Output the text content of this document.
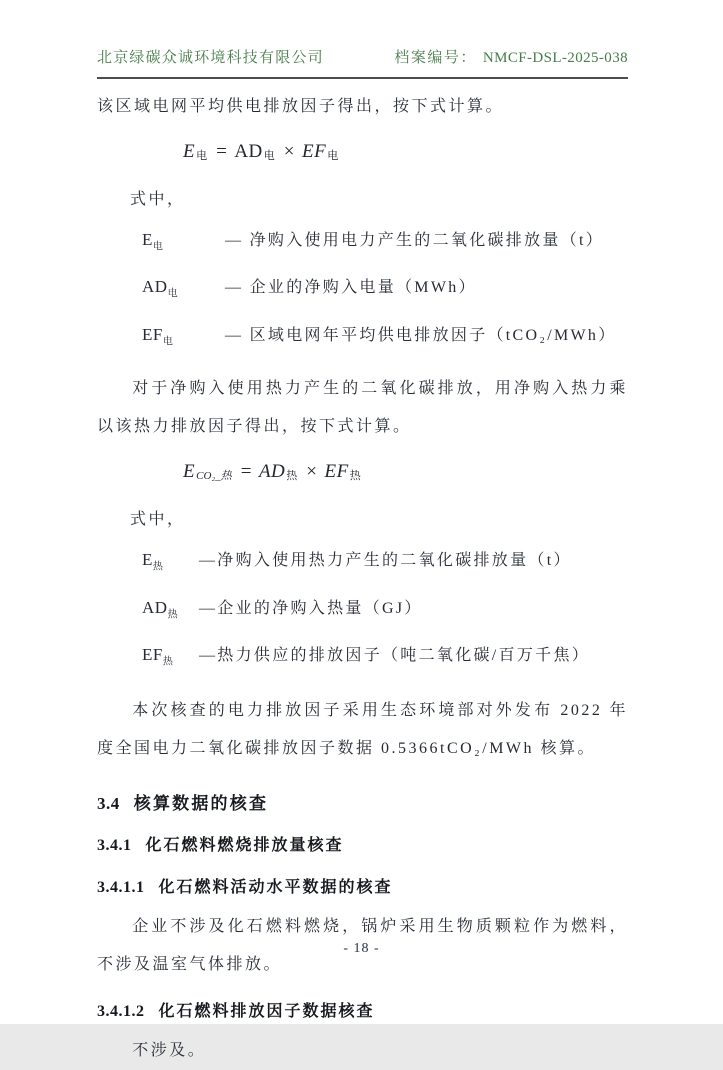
北京绿碳众诚环境科技有限公司	档案编号： NMCF-DSL-2025-038

该区域电网平均供电排放因子得出，按下式计算。

E 电 = AD 电 × EF 电

式中，

$E_电$	— 净购入使用电力产生的二氧化碳排放量（t）
$AD_电$	— 企业的净购入电量（MWh）
$EF_电$	— 区域电网年平均供电排放因子（tCO₂/MWh）

对于净购入使用热力产生的二氧化碳排放，用净购入热力乘以该热力排放因子得出，按下式计算。

E CO₂_热 = AD 热 × EF 热

式中，

$E_热$	—净购入使用热力产生的二氧化碳排放量（t）
$AD_热$	—企业的净购入热量（GJ）
$EF_热$	—热力供应的排放因子（吨二氧化碳/百万千焦）

本次核查的电力排放因子采用生态环境部对外发布 2022 年度全国电力二氧化碳排放因子数据 0.5366tCO₂/MWh 核算。

3.4 核算数据的核查
3.4.1 化石燃料燃烧排放量核查
3.4.1.1 化石燃料活动水平数据的核查

企业不涉及化石燃料燃烧，锅炉采用生物质颗粒作为燃料，不涉及温室气体排放。

3.4.1.2 化石燃料排放因子数据核查

不涉及。

- 18 -
